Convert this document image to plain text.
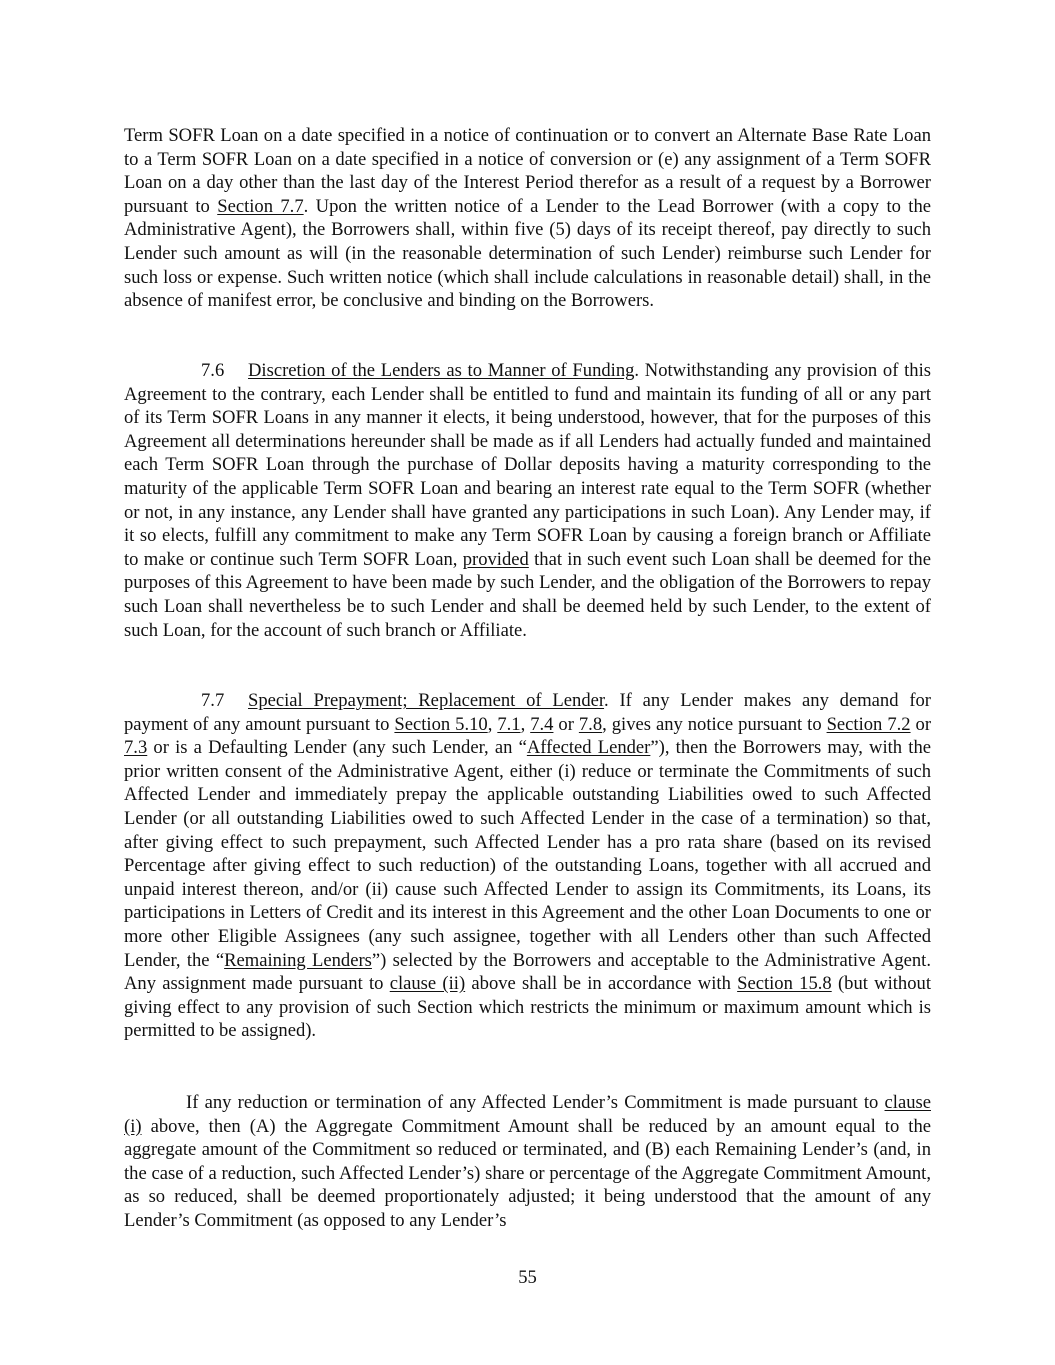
Term SOFR Loan on a date specified in a notice of continuation or to convert an Alternate Base Rate Loan to a Term SOFR Loan on a date specified in a notice of conversion or (e) any assignment of a Term SOFR Loan on a day other than the last day of the Interest Period therefor as a result of a request by a Borrower pursuant to Section 7.7. Upon the written notice of a Lender to the Lead Borrower (with a copy to the Administrative Agent), the Borrowers shall, within five (5) days of its receipt thereof, pay directly to such Lender such amount as will (in the reasonable determination of such Lender) reimburse such Lender for such loss or expense. Such written notice (which shall include calculations in reasonable detail) shall, in the absence of manifest error, be conclusive and binding on the Borrowers.
7.6 Discretion of the Lenders as to Manner of Funding. Notwithstanding any provision of this Agreement to the contrary, each Lender shall be entitled to fund and maintain its funding of all or any part of its Term SOFR Loans in any manner it elects, it being understood, however, that for the purposes of this Agreement all determinations hereunder shall be made as if all Lenders had actually funded and maintained each Term SOFR Loan through the purchase of Dollar deposits having a maturity corresponding to the maturity of the applicable Term SOFR Loan and bearing an interest rate equal to the Term SOFR (whether or not, in any instance, any Lender shall have granted any participations in such Loan). Any Lender may, if it so elects, fulfill any commitment to make any Term SOFR Loan by causing a foreign branch or Affiliate to make or continue such Term SOFR Loan, provided that in such event such Loan shall be deemed for the purposes of this Agreement to have been made by such Lender, and the obligation of the Borrowers to repay such Loan shall nevertheless be to such Lender and shall be deemed held by such Lender, to the extent of such Loan, for the account of such branch or Affiliate.
7.7 Special Prepayment; Replacement of Lender. If any Lender makes any demand for payment of any amount pursuant to Section 5.10, 7.1, 7.4 or 7.8, gives any notice pursuant to Section 7.2 or 7.3 or is a Defaulting Lender (any such Lender, an “Affected Lender”), then the Borrowers may, with the prior written consent of the Administrative Agent, either (i) reduce or terminate the Commitments of such Affected Lender and immediately prepay the applicable outstanding Liabilities owed to such Affected Lender (or all outstanding Liabilities owed to such Affected Lender in the case of a termination) so that, after giving effect to such prepayment, such Affected Lender has a pro rata share (based on its revised Percentage after giving effect to such reduction) of the outstanding Loans, together with all accrued and unpaid interest thereon, and/or (ii) cause such Affected Lender to assign its Commitments, its Loans, its participations in Letters of Credit and its interest in this Agreement and the other Loan Documents to one or more other Eligible Assignees (any such assignee, together with all Lenders other than such Affected Lender, the “Remaining Lenders”) selected by the Borrowers and acceptable to the Administrative Agent. Any assignment made pursuant to clause (ii) above shall be in accordance with Section 15.8 (but without giving effect to any provision of such Section which restricts the minimum or maximum amount which is permitted to be assigned).
If any reduction or termination of any Affected Lender’s Commitment is made pursuant to clause (i) above, then (A) the Aggregate Commitment Amount shall be reduced by an amount equal to the aggregate amount of the Commitment so reduced or terminated, and (B) each Remaining Lender’s (and, in the case of a reduction, such Affected Lender’s) share or percentage of the Aggregate Commitment Amount, as so reduced, shall be deemed proportionately adjusted; it being understood that the amount of any Lender’s Commitment (as opposed to any Lender’s
55
